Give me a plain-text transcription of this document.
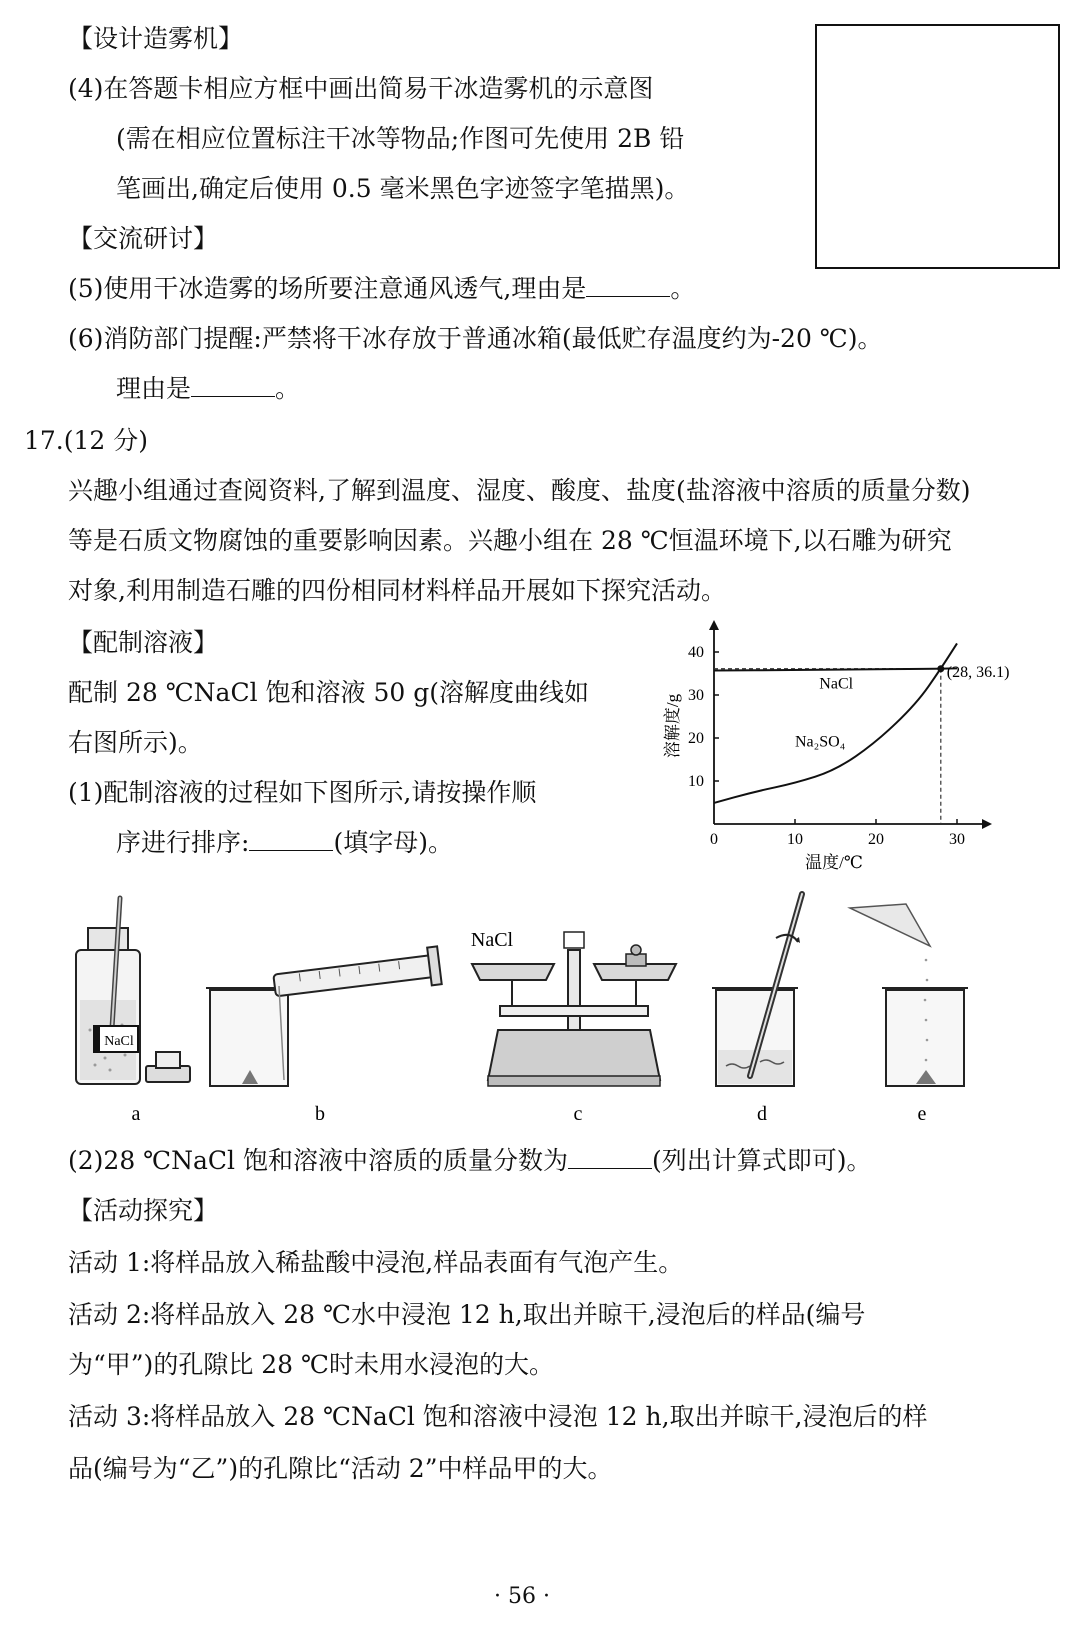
【设计造雾机】
(4)在答题卡相应方框中画出简易干冰造雾机的示意图
(需在相应位置标注干冰等物品;作图可先使用 2B 铅
笔画出,确定后使用 0.5 毫米黑色字迹签字笔描黑)。
【交流研讨】
(5)使用干冰造雾的场所要注意通风透气,理由是	。
(6)消防部门提醒:严禁将干冰存放于普通冰箱(最低贮存温度约为-20 ℃)。
理由是	。
17.(12 分)
兴趣小组通过查阅资料,了解到温度、湿度、酸度、盐度(盐溶液中溶质的质量分数)
等是石质文物腐蚀的重要影响因素。兴趣小组在 28 ℃恒温环境下,以石雕为研究
对象,利用制造石雕的四份相同材料样品开展如下探究活动。
【配制溶液】
配制 28 ℃NaCl 饱和溶液 50 g(溶解度曲线如
右图所示)。
(1)配制溶液的过程如下图所示,请按操作顺
序进行排序:	(填字母)。	0	10	20	30
10
20
30
40
温度/℃
溶解度/g
(28, 36.1)
NaCl
Na₂SO₄
NaCl
NaCl
a	b	c	d	e
(2)28 ℃NaCl 饱和溶液中溶质的质量分数为	(列出计算式即可)。
【活动探究】
活动 1:将样品放入稀盐酸中浸泡,样品表面有气泡产生。
活动 2:将样品放入 28 ℃水中浸泡 12 h,取出并晾干,浸泡后的样品(编号
为“甲”)的孔隙比 28 ℃时未用水浸泡的大。
活动 3:将样品放入 28 ℃NaCl 饱和溶液中浸泡 12 h,取出并晾干,浸泡后的样
品(编号为“乙”)的孔隙比“活动 2”中样品甲的大。
· 56 ·
